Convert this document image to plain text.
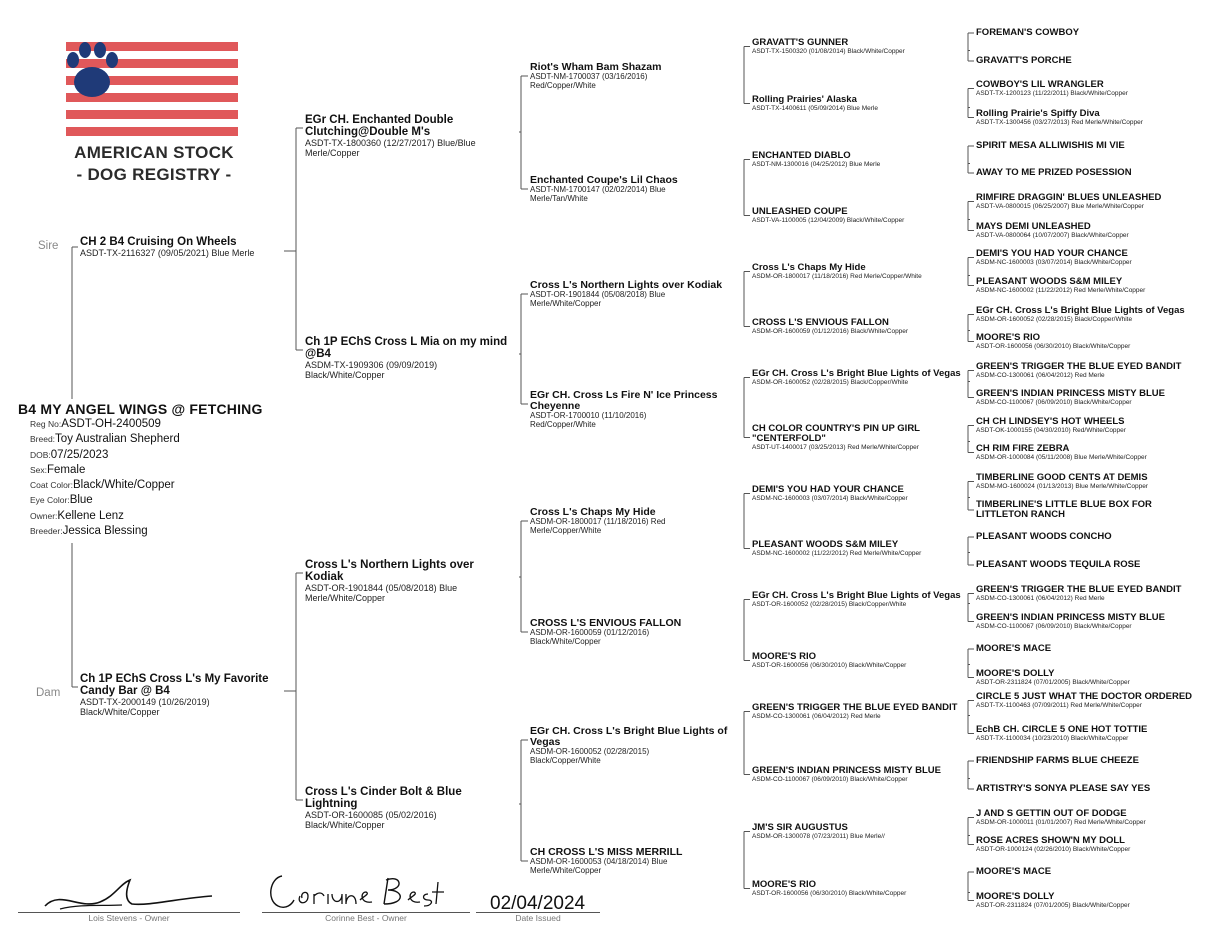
AMERICAN STOCK
- DOG REGISTRY -
B4 MY ANGEL WINGS @ FETCHING
Reg No:ASDT-OH-2400509
Breed:Toy Australian Shepherd
DOB:07/25/2023
Sex:Female
Coat Color:Black/White/Copper
Eye Color:Blue
Owner:Kellene Lenz
Breeder:Jessica Blessing
Sire
Dam
CH 2 B4 Cruising On Wheels
ASDT-TX-2116327 (09/05/2021) Blue Merle
Ch 1P EChS Cross L's My Favorite Candy Bar @ B4
ASDT-TX-2000149 (10/26/2019)
Black/White/Copper
EGr CH. Enchanted Double Clutching@Double M's
ASDT-TX-1800360 (12/27/2017) Blue/Blue
Merle/Copper
Ch 1P EChS Cross L Mia on my mind @B4
ASDM-TX-1909306 (09/09/2019)
Black/White/Copper
Cross L's Northern Lights over Kodiak
ASDT-OR-1901844 (05/08/2018) Blue
Merle/White/Copper
Cross L's Cinder Bolt & Blue Lightning
ASDT-OR-1600085 (05/02/2016)
Black/White/Copper
Riot's Wham Bam Shazam
ASDT-NM-1700037 (03/16/2016)
Red/Copper/White
Enchanted Coupe's Lil Chaos
ASDT-NM-1700147 (02/02/2014) Blue
Merle/Tan/White
Cross L's Northern Lights over Kodiak
ASDT-OR-1901844 (05/08/2018) Blue
Merle/White/Copper
EGr CH. Cross Ls Fire N' Ice Princess Cheyenne
ASDT-OR-1700010 (11/10/2016)
Red/Copper/White
Cross L's Chaps My Hide
ASDM-OR-1800017 (11/18/2016) Red
Merle/Copper/White
CROSS L'S ENVIOUS FALLON
ASDM-OR-1600059 (01/12/2016)
Black/White/Copper
EGr CH. Cross L's Bright Blue Lights of Vegas
ASDM-OR-1600052 (02/28/2015)
Black/Copper/White
CH CROSS L'S MISS MERRILL
ASDM-OR-1600053 (04/18/2014) Blue
Merle/White/Copper
GRAVATT'S GUNNER
ASDT-TX-1500320 (01/08/2014) Black/White/Copper
Rolling Prairies' Alaska
ASDT-TX-1400611 (05/09/2014) Blue Merle
ENCHANTED DIABLO
ASDT-NM-1300016 (04/25/2012) Blue Merle
UNLEASHED COUPE
ASDT-VA-1100005 (12/04/2009) Black/White/Copper
Cross L's Chaps My Hide
ASDM-OR-1800017 (11/18/2016) Red Merle/Copper/White
CROSS L'S ENVIOUS FALLON
ASDM-OR-1600059 (01/12/2016) Black/White/Copper
EGr CH. Cross L's Bright Blue Lights of Vegas
ASDM-OR-1600052 (02/28/2015) Black/Copper/White
CH COLOR COUNTRY'S PIN UP GIRL "CENTERFOLD"
ASDT-UT-1400017 (03/25/2013) Red Merle/White/Copper
DEMI'S YOU HAD YOUR CHANCE
ASDM-NC-1600003 (03/07/2014) Black/White/Copper
PLEASANT WOODS S&M MILEY
ASDM-NC-1600002 (11/22/2012) Red Merle/White/Copper
EGr CH. Cross L's Bright Blue Lights of Vegas
ASDT-OR-1600052 (02/28/2015) Black/Copper/White
MOORE'S RIO
ASDT-OR-1600056 (06/30/2010) Black/White/Copper
GREEN'S TRIGGER THE BLUE EYED BANDIT
ASDM-CO-1300061 (06/04/2012) Red Merle
GREEN'S INDIAN PRINCESS MISTY BLUE
ASDM-CO-1100067 (06/09/2010) Black/White/Copper
JM'S SIR AUGUSTUS
ASDM-OR-1300078 (07/23/2011) Blue Merle//
MOORE'S RIO
ASDT-OR-1600056 (06/30/2010) Black/White/Copper
FOREMAN'S COWBOY
GRAVATT'S PORCHE
COWBOY'S LIL WRANGLER
ASDT-TX-1200123 (11/22/2011) Black/White/Copper
Rolling Prairie's Spiffy Diva
ASDT-TX-1300456 (03/27/2013) Red Merle/White/Copper
SPIRIT MESA ALLIWISHIS MI VIE
AWAY TO ME PRIZED POSESSION
RIMFIRE DRAGGIN' BLUES UNLEASHED
ASDT-VA-0800015 (06/25/2007) Blue Merle/White/Copper
MAYS DEMI UNLEASHED
ASDT-VA-0800064 (10/07/2007) Black/White/Copper
DEMI'S YOU HAD YOUR CHANCE
ASDM-NC-1600003 (03/07/2014) Black/White/Copper
PLEASANT WOODS S&M MILEY
ASDM-NC-1600002 (11/22/2012) Red Merle/White/Copper
EGr CH. Cross L's Bright Blue Lights of Vegas
ASDM-OR-1600052 (02/28/2015) Black/Copper/White
MOORE'S RIO
ASDT-OR-1600056 (06/30/2010) Black/White/Copper
GREEN'S TRIGGER THE BLUE EYED BANDIT
ASDM-CO-1300061 (06/04/2012) Red Merle
GREEN'S INDIAN PRINCESS MISTY BLUE
ASDM-CO-1100067 (06/09/2010) Black/White/Copper
CH CH LINDSEY'S HOT WHEELS
ASDT-OK-1000155 (04/30/2010) Red/White/Copper
CH RIM FIRE ZEBRA
ASDM-OR-1000084 (05/11/2008) Blue Merle/White/Copper
TIMBERLINE GOOD CENTS AT DEMIS
ASDM-MO-1600024 (01/13/2013) Blue Merle/White/Copper
TIMBERLINE'S LITTLE BLUE BOX FOR LITTLETON RANCH
PLEASANT WOODS CONCHO
PLEASANT WOODS TEQUILA ROSE
GREEN'S TRIGGER THE BLUE EYED BANDIT
ASDM-CO-1300061 (06/04/2012) Red Merle
GREEN'S INDIAN PRINCESS MISTY BLUE
ASDM-CO-1100067 (06/09/2010) Black/White/Copper
MOORE'S MACE
MOORE'S DOLLY
ASDT-OR-2311824 (07/01/2005) Black/White/Copper
CIRCLE 5 JUST WHAT THE DOCTOR ORDERED
ASDT-TX-1100463 (07/09/2011) Red Merle/White/Copper
EchB CH. CIRCLE 5 ONE HOT TOTTIE
ASDT-TX-1100034 (10/23/2010) Black/White/Copper
FRIENDSHIP FARMS BLUE CHEEZE
ARTISTRY'S SONYA PLEASE SAY YES
J AND S GETTIN OUT OF DODGE
ASDM-OR-1000011 (01/01/2007) Red Merle/White/Copper
ROSE ACRES SHOW'N MY DOLL
ASDT-OR-1000124 (02/26/2010) Black/White/Copper
MOORE'S MACE
MOORE'S DOLLY
ASDT-OR-2311824 (07/01/2005) Black/White/Copper
Lois Stevens - Owner	Corinne Best - Owner
02/04/2024
Date Issued
